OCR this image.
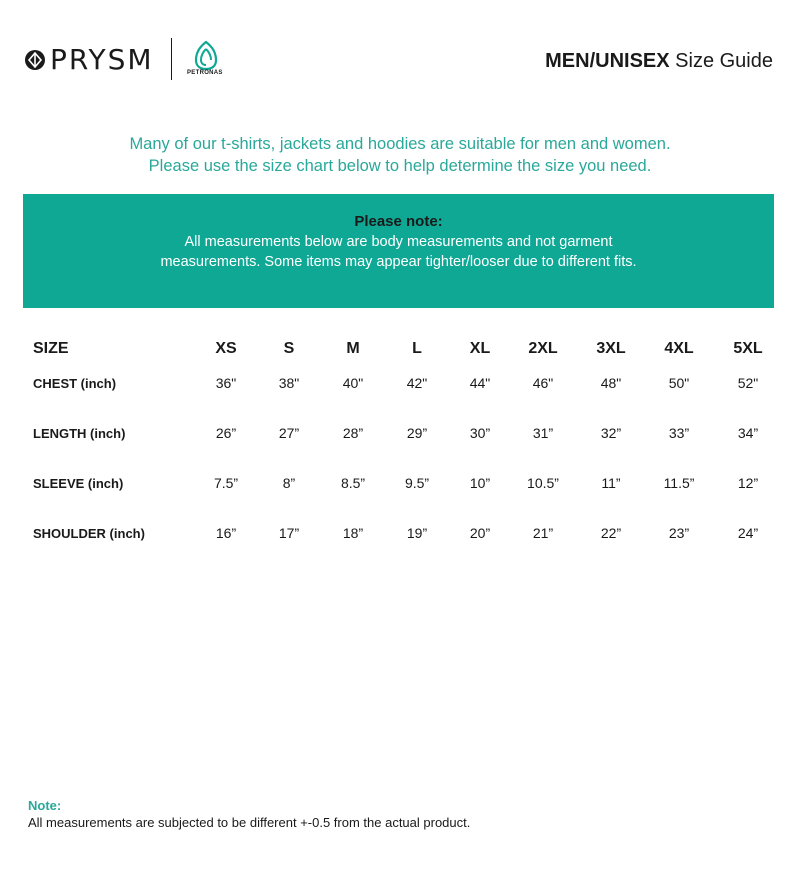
PRYSM	PETRONAS
MEN/UNISEX Size Guide
Many of our t-shirts, jackets and hoodies are suitable for men and women.
Please use the size chart below to help determine the size you need.
Please note:
All measurements below are body measurements and not garment measurements. Some items may appear tighter/looser due to different fits.
SIZE	XS	S	M	L	XL 2XL 3XL 4XL 5XL
CHEST (inch)	36"	38"	40"	42"	44"	46"	48"	50"	52"
LENGTH (inch)	26”	27”	28”	29”	30”	31”	32”	33”	34”
SLEEVE (inch)	7.5”	8”	8.5”	9.5”	10”	10.5”	11”	11.5”	12”
SHOULDER (inch)	16”	17”	18”	19”	20”	21”	22”	23”	24”
Note:
All measurements are subjected to be different +-0.5 from the actual product.
